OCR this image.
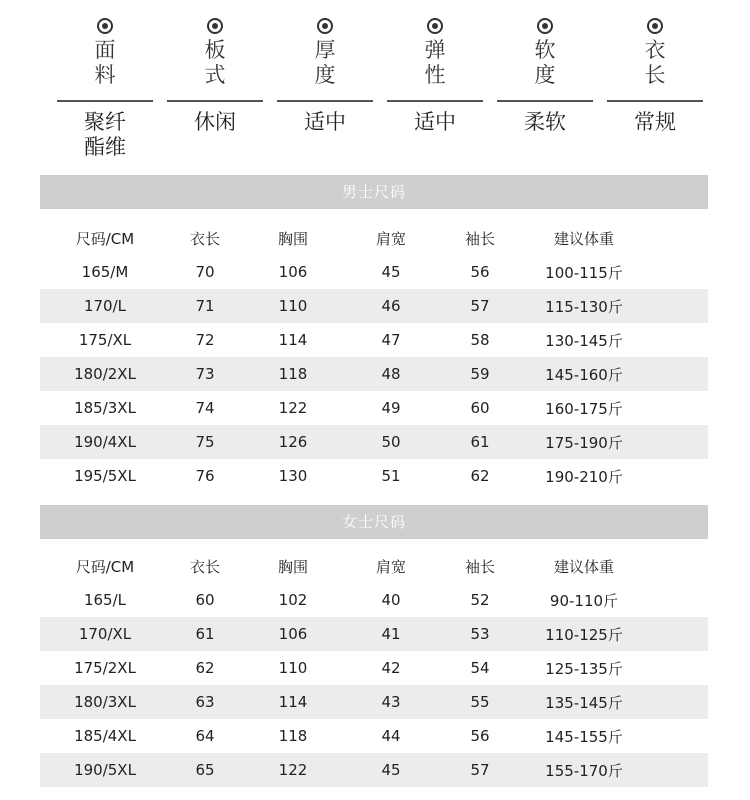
面料
聚纤酯维
板式
休闲
厚度
适中
弹性
适中
软度
柔软
衣长
常规
男士尺码
尺码/CM	衣长	胸围	肩宽	袖长	建议体重
165/M	70	106	45	56	100-115斤
170/L	71	110	46	57	115-130斤
175/XL	72	114	47	58	130-145斤
180/2XL	73	118	48	59	145-160斤
185/3XL	74	122	49	60	160-175斤
190/4XL	75	126	50	61	175-190斤
195/5XL	76	130	51	62	190-210斤
女士尺码
尺码/CM	衣长	胸围	肩宽	袖长	建议体重
165/L	60	102	40	52	90-110斤
170/XL	61	106	41	53	110-125斤
175/2XL	62	110	42	54	125-135斤
180/3XL	63	114	43	55	135-145斤
185/4XL	64	118	44	56	145-155斤
190/5XL	65	122	45	57	155-170斤
